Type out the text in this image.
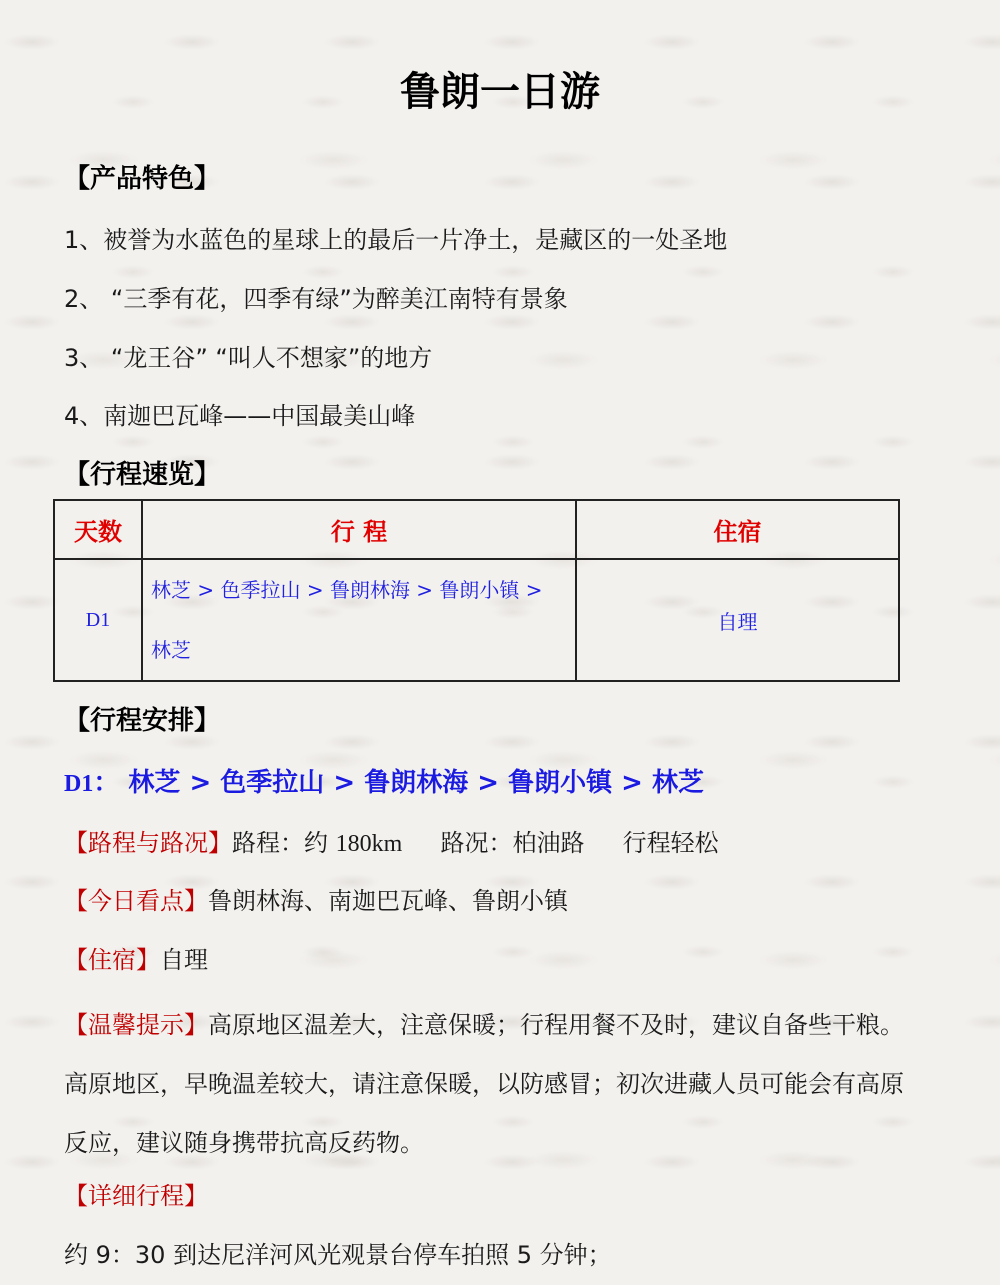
鲁朗一日游
【产品特色】
1、被誉为水蓝色的星球上的最后一片净土，是藏区的一处圣地
2、 “三季有花，四季有绿”为醉美江南特有景象
3、 “龙王谷” “叫人不想家”的地方
4、南迦巴瓦峰——中国最美山峰
【行程速览】
天数	行 程	住宿
D1	林芝 > 色季拉山 > 鲁朗林海 > 鲁朗小镇 >
林芝	自理
【行程安排】
D1： 林芝 > 色季拉山 > 鲁朗林海 > 鲁朗小镇 > 林芝
【路程与路况】路程：约 180km 路况：柏油路     行程轻松
【今日看点】鲁朗林海、南迦巴瓦峰、鲁朗小镇
【住宿】自理
【温馨提示】高原地区温差大，注意保暖；行程用餐不及时，建议自备些干粮。高原地区，早晚温差较大，请注意保暖，以防感冒；初次进藏人员可能会有高原反应，建议随身携带抗高反药物。
【详细行程】
约 9：30 到达尼洋河风光观景台停车拍照 5 分钟；
